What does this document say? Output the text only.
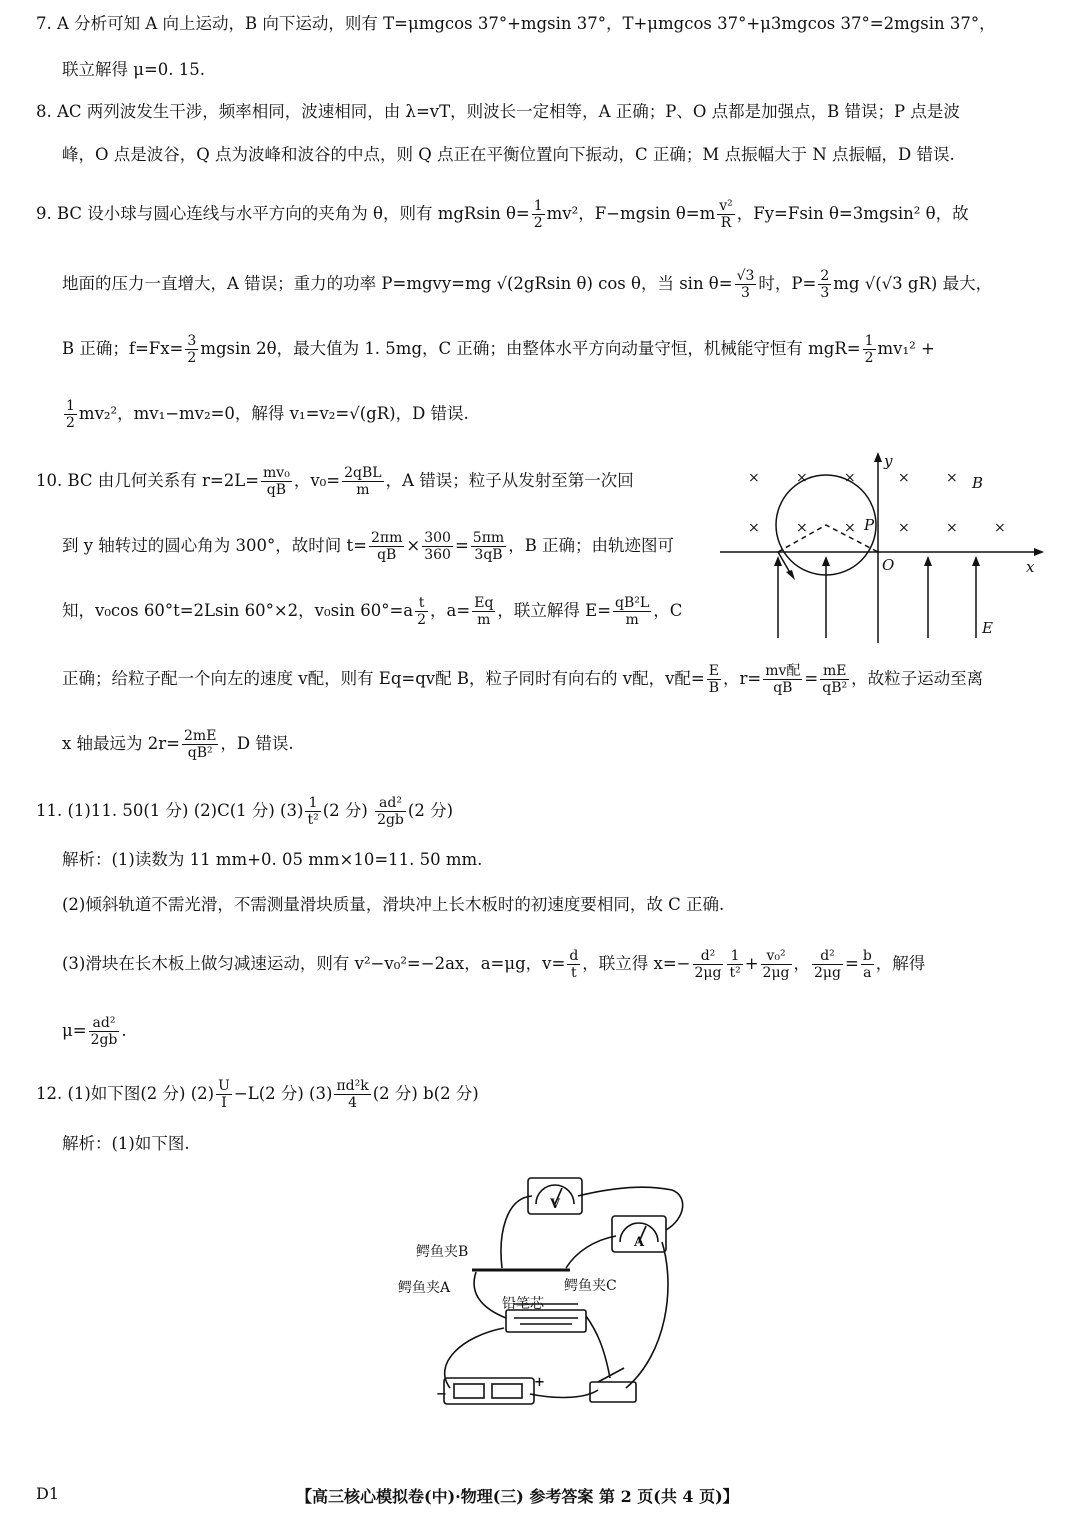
7. A 分析可知 A 向上运动，B 向下运动，则有 T=μmgcos 37°+mgsin 37°，T+μmgcos 37°+μ3mgcos 37°=2mgsin 37°，
联立解得 μ=0. 15.
8. AC 两列波发生干涉，频率相同，波速相同，由 λ=vT，则波长一定相等，A 正确；P、O 点都是加强点，B 错误；P 点是波
峰，O 点是波谷，Q 点为波峰和波谷的中点，则 Q 点正在平衡位置向下振动，C 正确；M 点振幅大于 N 点振幅，D 错误.
9. BC 设小球与圆心连线与水平方向的夹角为 θ，则有 mgRsin $\theta= \frac{1}{2} mv^2$，F−mgsin $\theta=m \frac{\text{v²}}{R}$ ，Fy=Fsin θ=3mgsin² θ，故
地面的压力一直增大，A 错误；重力的功率 P=mgvy=mg √(2gRsin θ) cos θ，当 $\sin \theta= \frac{√3}{3}$ 时，$P= \frac{2}{3}$ mg √(√3 gR) 最大，
B 正确；$f=Fx= \frac{3}{2}$ mgsin 2θ，最大值为 1. 5mg，C 正确；由整体水平方向动量守恒，机械能守恒有 $mgR= \frac{1}{2} mv_1^2$ +
$\frac{1}{2} mv_2^2$，mv₁−mv₂=0，解得 v₁=v₂=√(gR)，D 错误.
10. BC 由几何关系有 $r=2L= \frac{\text{mv₀}}{qB}$ ，$v_0= \frac{\text{2qBL}}{m}$ ，A 错误；粒子从发射至第一次回
到 y 轴转过的圆心角为 300°，故时间 $t= \frac{2\pi m}{qB} \times \frac{300}{360} = \frac{5\pi m}{3qB}$ ，B 正确；由轨迹图可
知，v₀cos 60°t=2Lsin 60°×2，v₀sin $60^\circ=a \frac{t}{2}$ ，$a= \frac{Eq}{m}$ ，联立解得 $E= \frac{\text{qB²L}}{m}$ ，C
正确；给粒子配一个向左的速度 v配，则有 Eq=qv配 B，粒子同时有向右的 v配，v配= $\frac{E}{B}$ ，$r= \frac{\text{mv配}}{qB} = \frac{mE}{\text{qB²}}$ ，故粒子运动至离
x 轴最远为 $2r= \frac{2mE}{\text{qB²}}$ ，D 错误.
×	×	×	×	×
×	×	×	×	×	×
y
x
O
P
B
E
11. (1)11. 50(1 分) (2)C(1 分) $(3) \frac{1}{\text{t²}} (2$ 分) $\frac{\text{ad²}}{2gb} (2$ 分)
解析：(1)读数为 11 mm+0. 05 mm×10=11. 50 mm.
(2)倾斜轨道不需光滑，不需测量滑块质量，滑块冲上长木板时的初速度要相同，故 C 正确.
(3)滑块在长木板上做匀减速运动，则有 v²−v₀²=−2ax，a=μg，$v= \frac{d}{t}$ ，联立得 $x=- \frac{\text{d²}}{2\mu g} \frac{1}{\text{t²}} + \frac{\text{v₀²}}{2\mu g}$ ， $\frac{\text{d²}}{2\mu g} = \frac{b}{a}$ ，解得
$\mu= \frac{\text{ad²}}{2gb}$ .
12. (1)如下图(2 分) $(2) \frac{U}{I} -L(2$ 分) $(3) \frac{\text{πd²k}}{4} (2$ 分) b(2 分)
解析：(1)如下图.
V
A
−
+
鳄鱼夹B
鳄鱼夹A	鳄鱼夹C
铅笔芯
D1	【高三核心模拟卷(中)·物理(三) 参考答案 第 2 页(共 4 页)】
